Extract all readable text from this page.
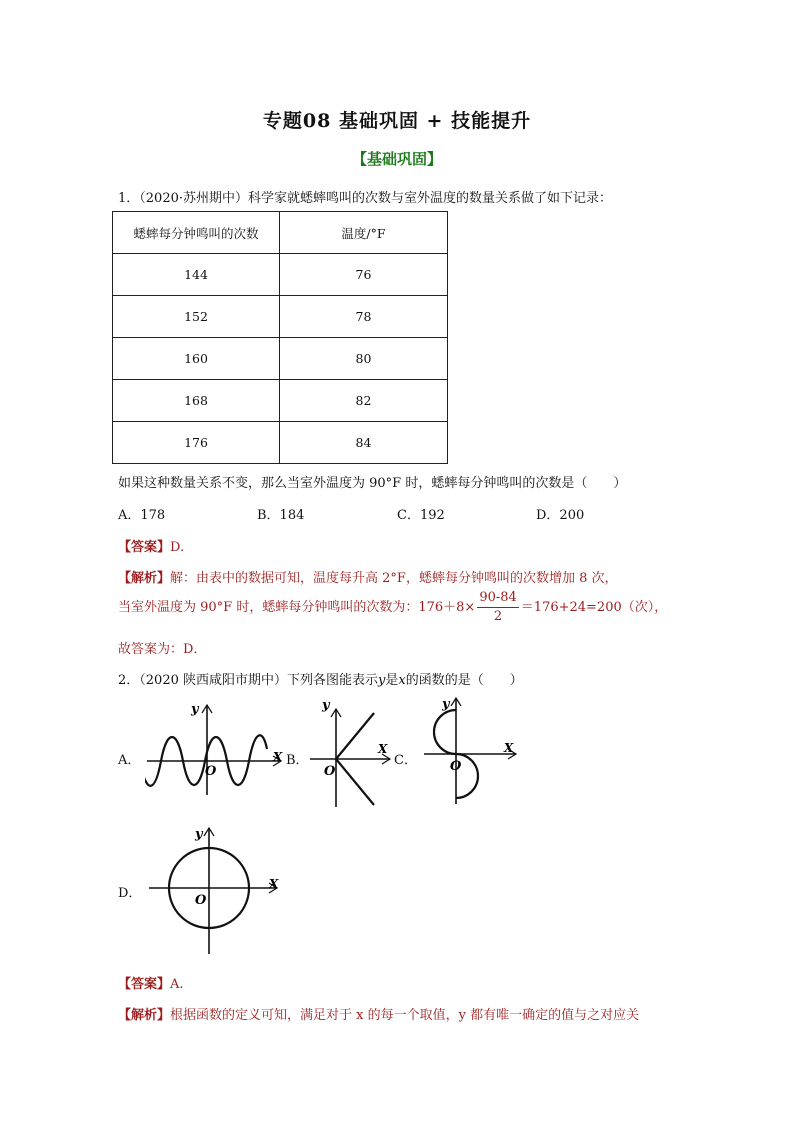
专题08 基础巩固 + 技能提升
【基础巩固】
1．（2020·苏州期中）科学家就蟋蟀鸣叫的次数与室外温度的数量关系做了如下记录：
蟋蟀每分钟鸣叫的次数	温度/°F
144	76
152	78
160	80
168	82
176	84
如果这种数量关系不变，那么当室外温度为 90°F 时，蟋蟀每分钟鸣叫的次数是（　　）
A．178	B．184	C．192	D．200
【答案】D.
【解析】解：由表中的数据可知，温度每升高 2°F，蟋蟀每分钟鸣叫的次数增加 8 次，
当室外温度为 90°F 时，蟋蟀每分钟鸣叫的次数为：$176+8\times \frac{90-84}{2} =176+24=200$（次），
故答案为：D．
2．（2020 陕西咸阳市期中）下列各图能表示y是x的函数的是（　　）
A．
y
X
O
B．
y
X
O
C．
y
X
O
D．
y
X
O
【答案】A.
【解析】根据函数的定义可知，满足对于 x 的每一个取值，y 都有唯一确定的值与之对应关
